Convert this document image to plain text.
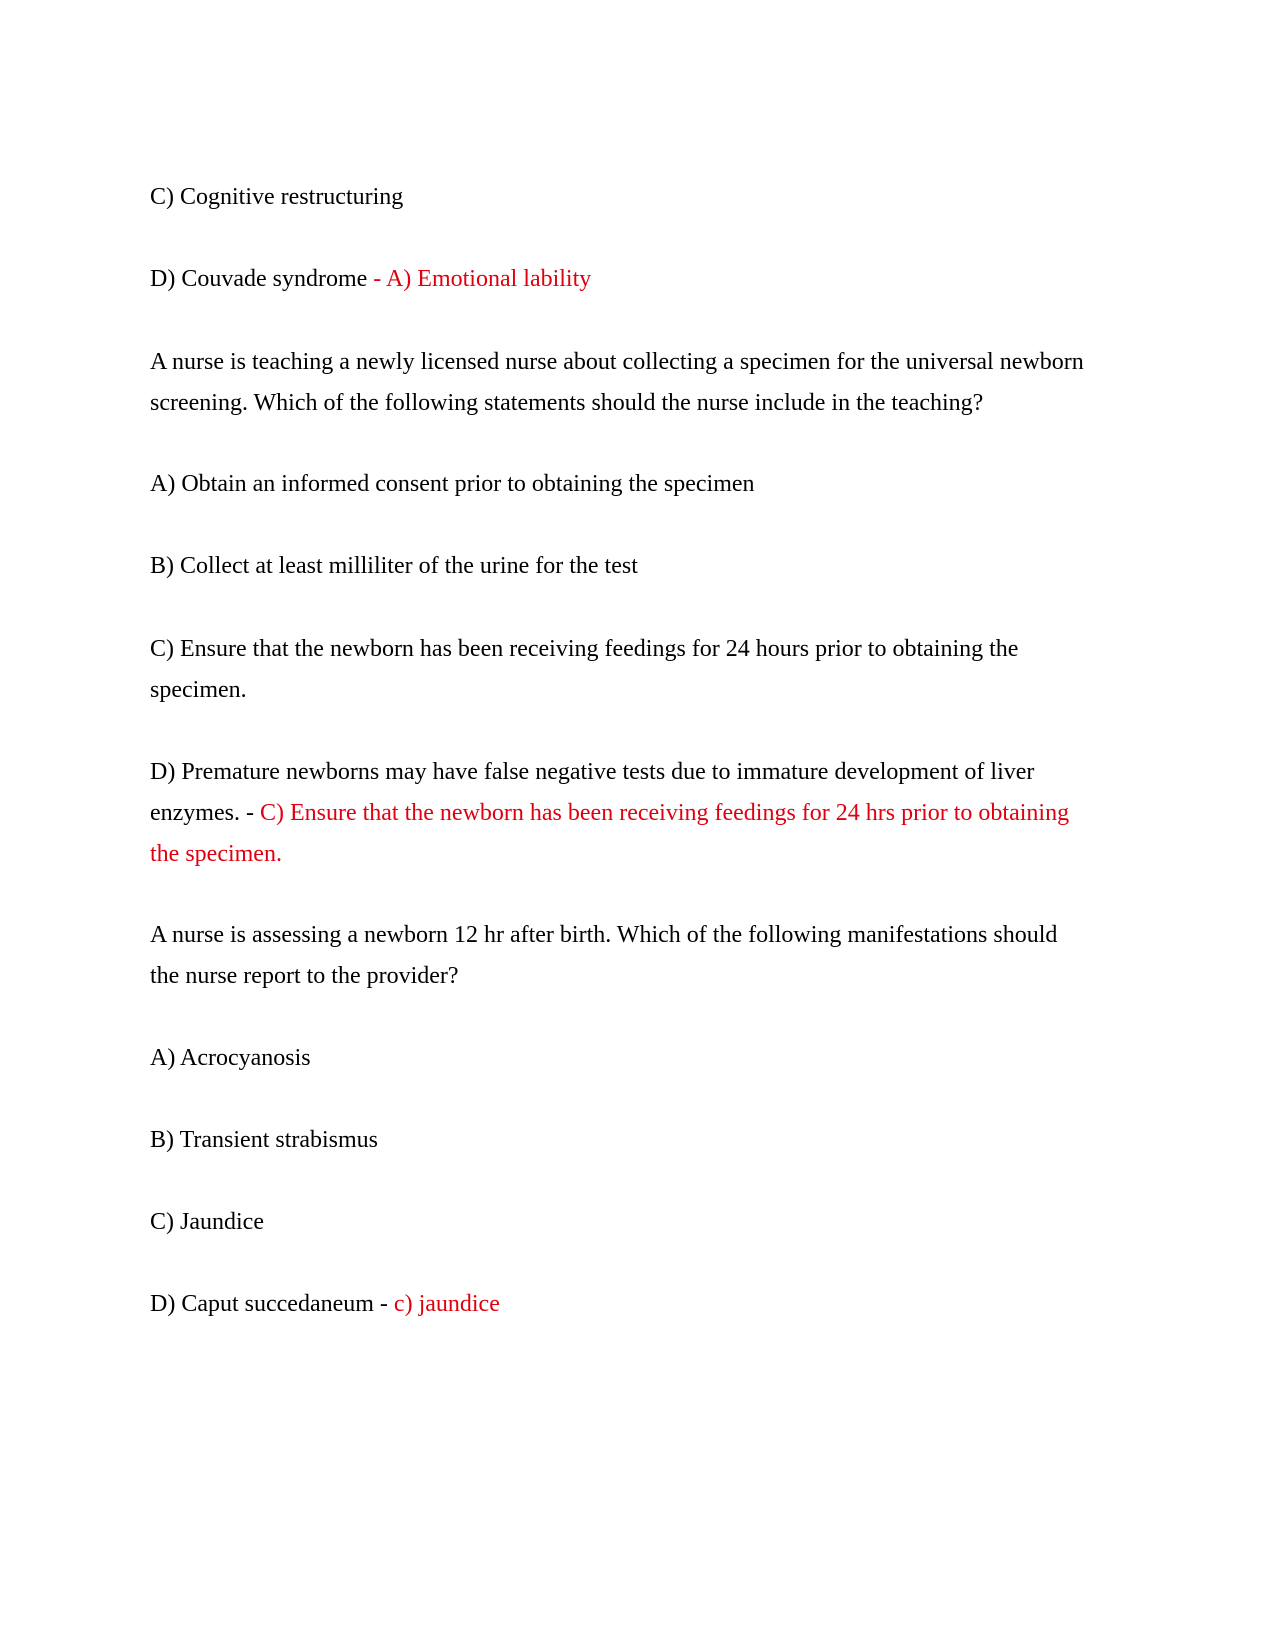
C) Cognitive restructuring
D) Couvade syndrome - A) Emotional lability
A nurse is teaching a newly licensed nurse about collecting a specimen for the universal newborn
screening. Which of the following statements should the nurse include in the teaching?
A) Obtain an informed consent prior to obtaining the specimen
B) Collect at least milliliter of the urine for the test
C) Ensure that the newborn has been receiving feedings for 24 hours prior to obtaining the
specimen.
D) Premature newborns may have false negative tests due to immature development of liver
enzymes. - C) Ensure that the newborn has been receiving feedings for 24 hrs prior to obtaining
the specimen.
A nurse is assessing a newborn 12 hr after birth. Which of the following manifestations should
the nurse report to the provider?
A) Acrocyanosis
B) Transient strabismus
C) Jaundice
D) Caput succedaneum - c) jaundice
